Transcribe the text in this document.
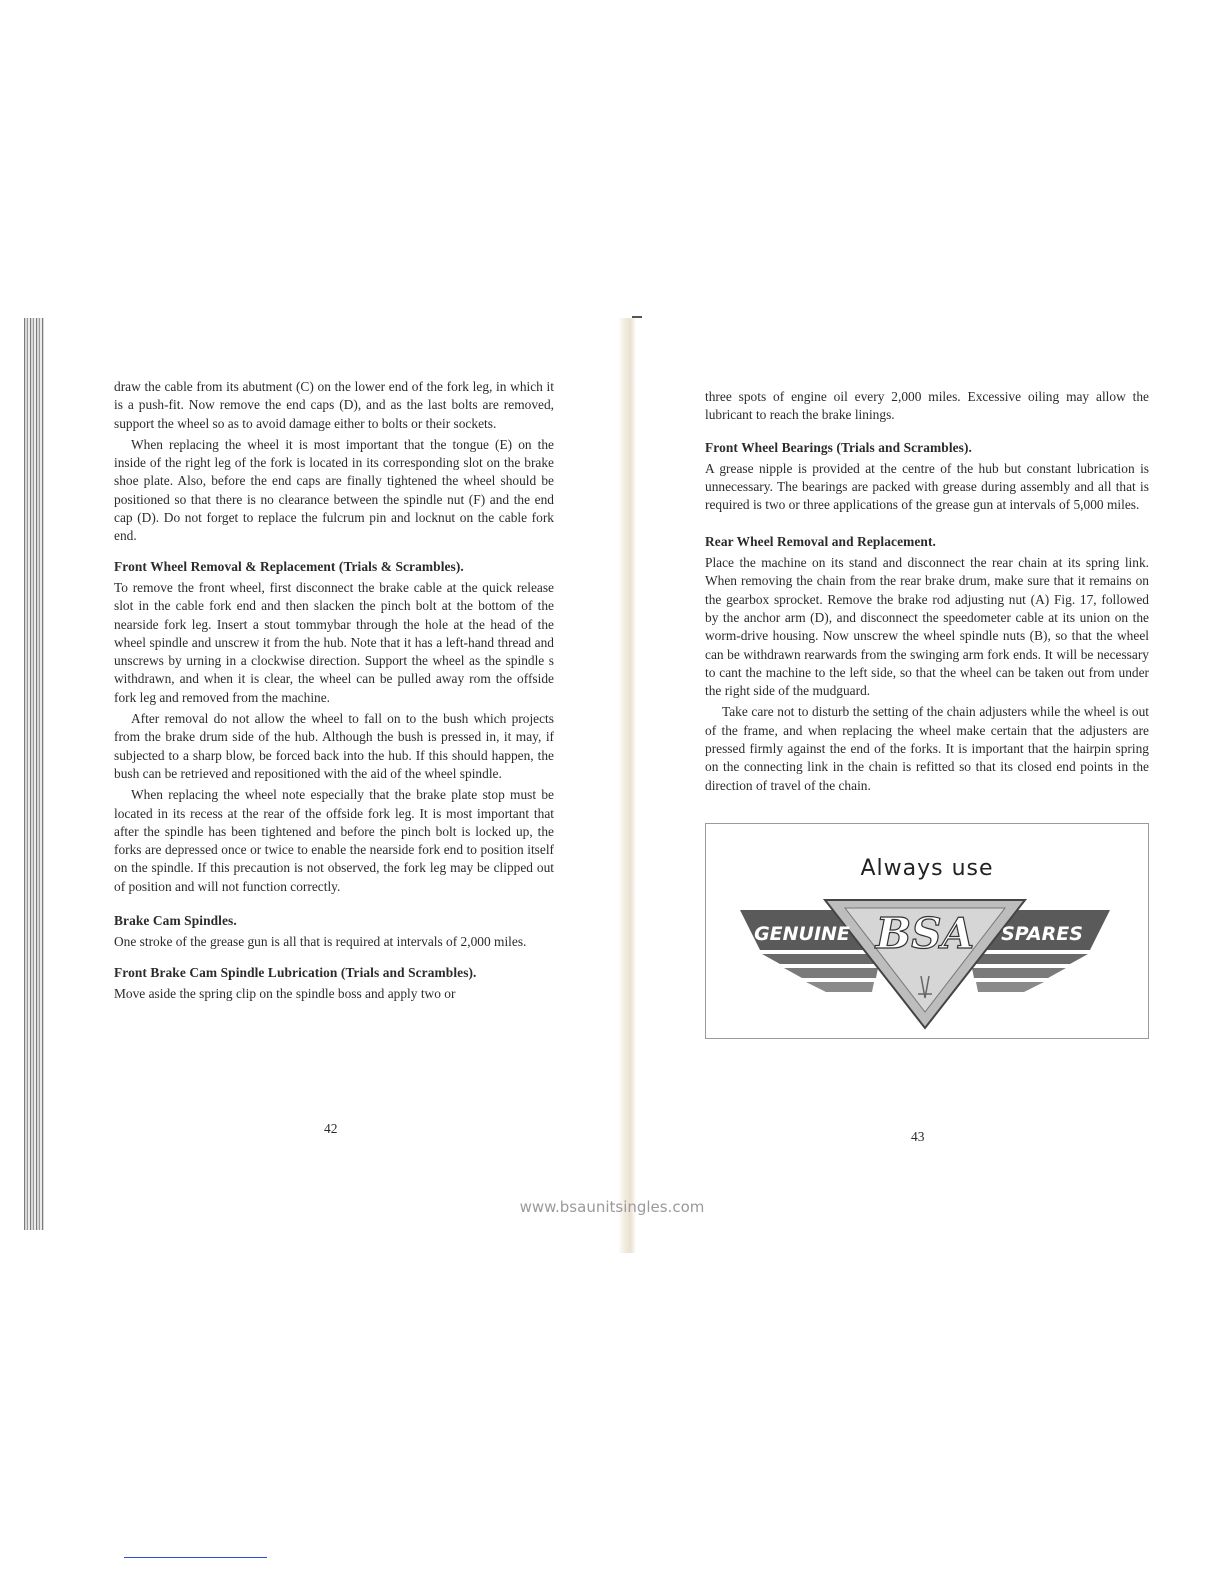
draw the cable from its abutment (C) on the lower end of the fork leg, in which it is a push-fit. Now remove the end caps (D), and as the last bolts are removed, support the wheel so as to avoid damage either to bolts or their sockets.

When replacing the wheel it is most important that the tongue (E) on the inside of the right leg of the fork is located in its corresponding slot on the brake shoe plate. Also, before the end caps are finally tightened the wheel should be positioned so that there is no clearance between the spindle nut (F) and the end cap (D). Do not forget to replace the fulcrum pin and locknut on the cable fork end.

Front Wheel Removal & Replacement (Trials & Scrambles).

To remove the front wheel, first disconnect the brake cable at the quick release slot in the cable fork end and then slacken the pinch bolt at the bottom of the nearside fork leg. Insert a stout tommybar through the hole at the head of the wheel spindle and unscrew it from the hub. Note that it has a left-hand thread and unscrews by urning in a clockwise direction. Support the wheel as the spindle s withdrawn, and when it is clear, the wheel can be pulled away rom the offside fork leg and removed from the machine.

After removal do not allow the wheel to fall on to the bush which projects from the brake drum side of the hub. Although the bush is pressed in, it may, if subjected to a sharp blow, be forced back into the hub. If this should happen, the bush can be retrieved and repositioned with the aid of the wheel spindle.

When replacing the wheel note especially that the brake plate stop must be located in its recess at the rear of the offside fork leg. It is most important that after the spindle has been tightened and before the pinch bolt is locked up, the forks are depressed once or twice to enable the nearside fork end to position itself on the spindle. If this precaution is not observed, the fork leg may be clipped out of position and will not function correctly.

Brake Cam Spindles.

One stroke of the grease gun is all that is required at intervals of 2,000 miles.

Front Brake Cam Spindle Lubrication (Trials and Scrambles).

Move aside the spring clip on the spindle boss and apply two or

42

three spots of engine oil every 2,000 miles. Excessive oiling may allow the lubricant to reach the brake linings.

Front Wheel Bearings (Trials and Scrambles).

A grease nipple is provided at the centre of the hub but constant lubrication is unnecessary. The bearings are packed with grease during assembly and all that is required is two or three applications of the grease gun at intervals of 5,000 miles.

Rear Wheel Removal and Replacement.

Place the machine on its stand and disconnect the rear chain at its spring link. When removing the chain from the rear brake drum, make sure that it remains on the gearbox sprocket. Remove the brake rod adjusting nut (A) Fig. 17, followed by the anchor arm (D), and disconnect the speedometer cable at its union on the worm-drive housing. Now unscrew the wheel spindle nuts (B), so that the wheel can be withdrawn rearwards from the swinging arm fork ends. It will be necessary to cant the machine to the left side, so that the wheel can be taken out from under the right side of the mudguard.

Take care not to disturb the setting of the chain adjusters while the wheel is out of the frame, and when replacing the wheel make certain that the adjusters are pressed firmly against the end of the forks. It is important that the hairpin spring on the connecting link in the chain is refitted so that its closed end points in the direction of travel of the chain.

Always use
GENUINE BSA SPARES
43
www.bsaunitsingles.com
